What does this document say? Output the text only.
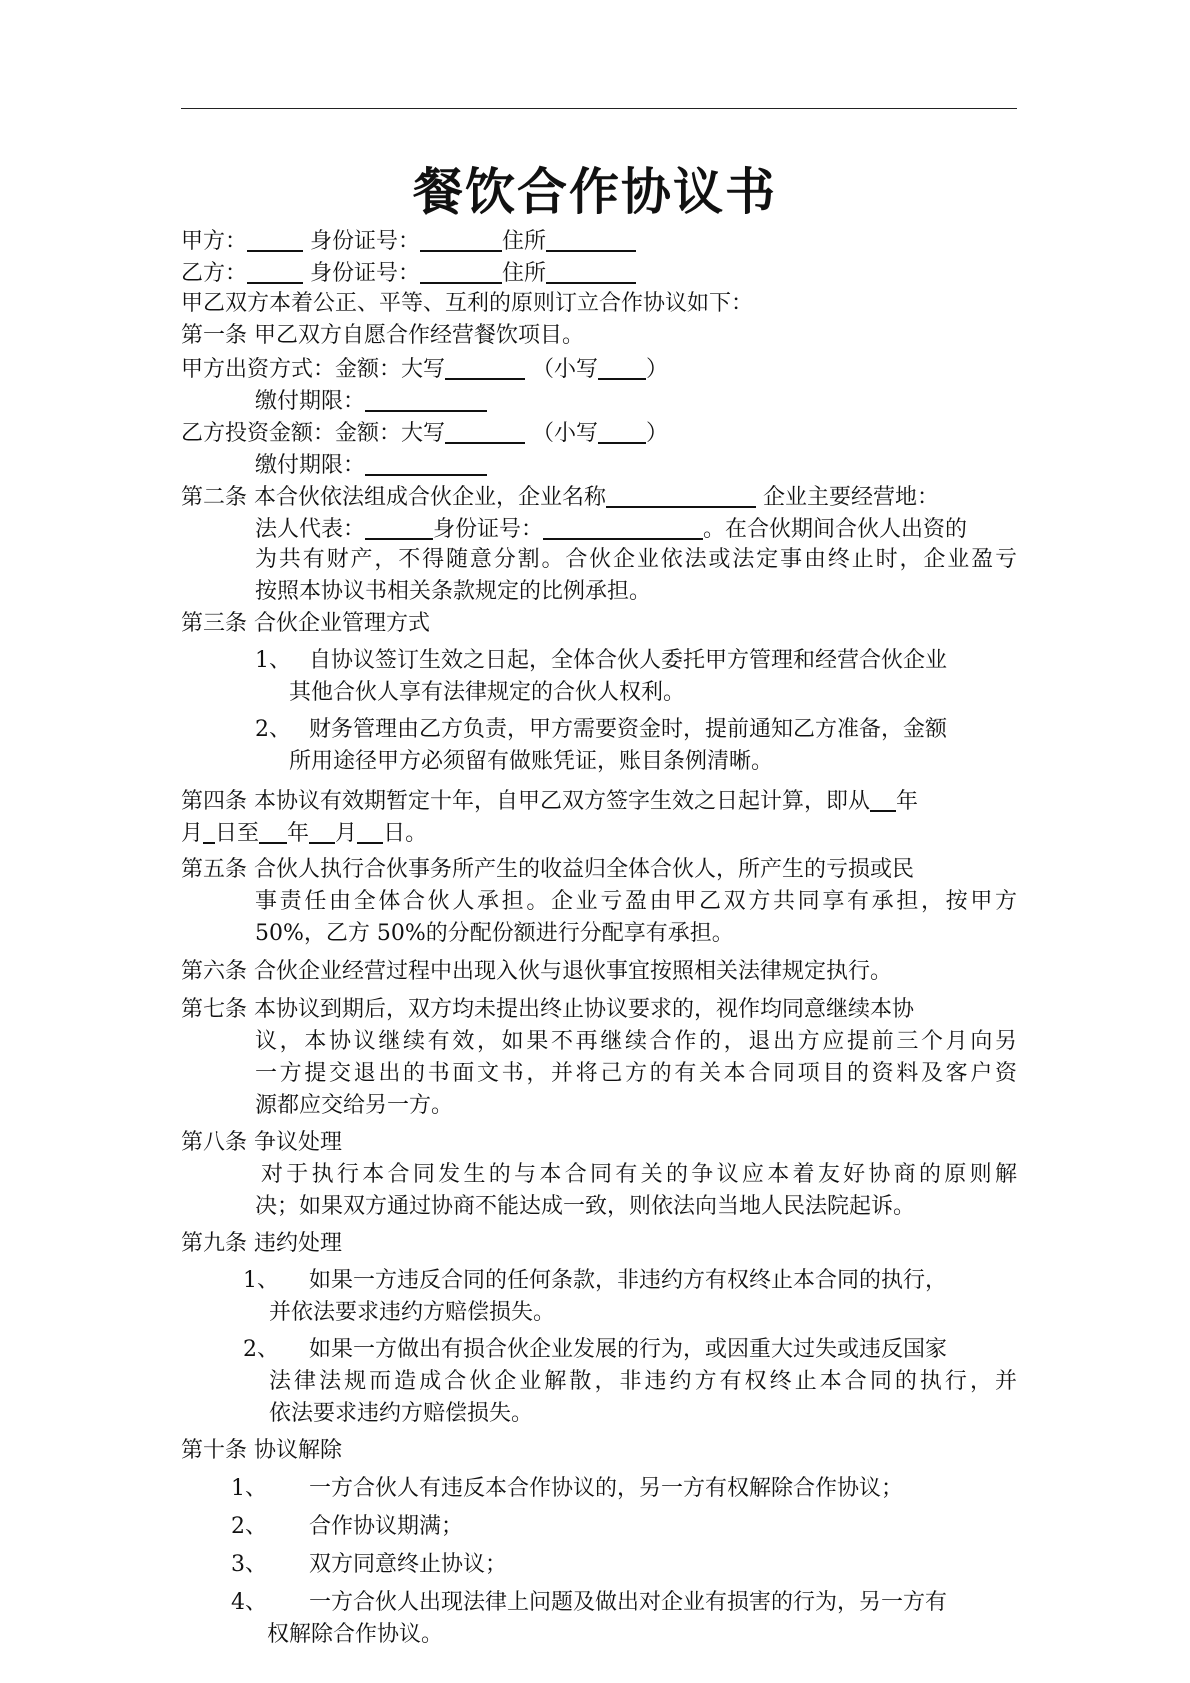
餐饮合作协议书
甲方：	身份证号：	住所
乙方：	身份证号：	住所
甲乙双方本着公正、平等、互利的原则订立合作协议如下：
第一条 甲乙双方自愿合作经营餐饮项目。
甲方出资方式：金额：大写	（小写 ）
缴付期限：
乙方投资金额：金额：大写	（小写 ）
缴付期限：
第二条 本合伙依法组成合伙企业，企业名称	企业主要经营地：
法人代表：	身份证号：	。在合伙期间合伙人出资的
为共有财产，不得随意分割。合伙企业依法或法定事由终止时，企业盈亏
按照本协议书相关条款规定的比例承担。
第三条 合伙企业管理方式
1、 自协议签订生效之日起，全体合伙人委托甲方管理和经营合伙企业
其他合伙人享有法律规定的合伙人权利。
2、 财务管理由乙方负责，甲方需要资金时，提前通知乙方准备，金额
所用途径甲方必须留有做账凭证，账目条例清晰。
第四条 本协议有效期暂定十年，自甲乙双方签字生效之日起计算，即从 年
月 日至 年 月 日。
第五条 合伙人执行合伙事务所产生的收益归全体合伙人，所产生的亏损或民
事责任由全体合伙人承担。企业亏盈由甲乙双方共同享有承担，按甲方
50%，乙方 50%的分配份额进行分配享有承担。
第六条 合伙企业经营过程中出现入伙与退伙事宜按照相关法律规定执行。
第七条 本协议到期后，双方均未提出终止协议要求的，视作均同意继续本协
议，本协议继续有效，如果不再继续合作的，退出方应提前三个月向另
一方提交退出的书面文书，并将己方的有关本合同项目的资料及客户资
源都应交给另一方。
第八条 争议处理
对于执行本合同发生的与本合同有关的争议应本着友好协商的原则解
决；如果双方通过协商不能达成一致，则依法向当地人民法院起诉。
第九条 违约处理
1、 如果一方违反合同的任何条款，非违约方有权终止本合同的执行，
并依法要求违约方赔偿损失。
2、 如果一方做出有损合伙企业发展的行为，或因重大过失或违反国家
法律法规而造成合伙企业解散，非违约方有权终止本合同的执行，并
依法要求违约方赔偿损失。
第十条 协议解除
1、 一方合伙人有违反本合作协议的，另一方有权解除合作协议；
2、 合作协议期满；
3、 双方同意终止协议；
4、 一方合伙人出现法律上问题及做出对企业有损害的行为，另一方有
权解除合作协议。
